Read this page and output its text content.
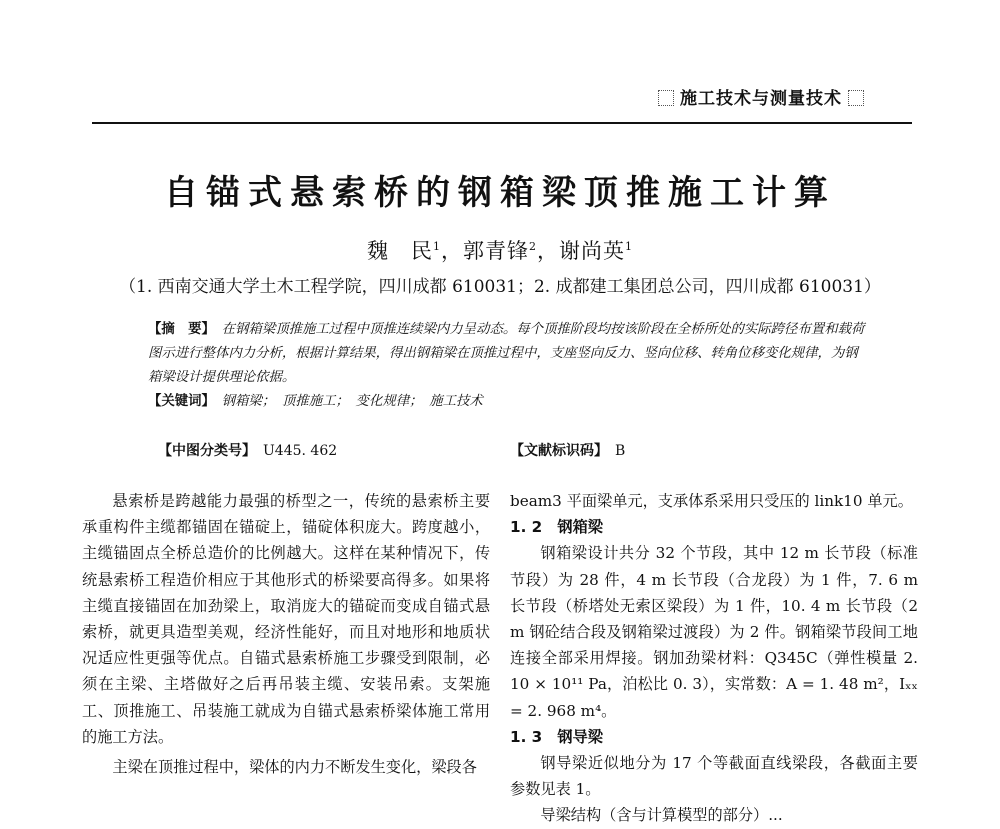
施工技术与测量技术
自锚式悬索桥的钢箱梁顶推施工计算
魏　民$^1$，郭青锋$^2$，谢尚英$^1$
（1. 西南交通大学土木工程学院，四川成都 610031；2. 成都建工集团总公司，四川成都 610031）
【摘　要】　 在钢箱梁顶推施工过程中顶推连续梁内力呈动态。每个顶推阶段均按该阶段在全桥所处的实际跨径布置和载荷图示进行整体内力分析，根据计算结果，得出钢箱梁在顶推过程中，支座竖向反力、竖向位移、转角位移变化规律，为钢箱梁设计提供理论依据。
【关键词】　 钢箱梁；　顶推施工；　变化规律；　施工技术
【中图分类号】　 U445. 462	【文献标识码】　 B

悬索桥是跨越能力最强的桥型之一，传统的悬索桥主要承重构件主缆都锚固在锚碇上，锚碇体积庞大。跨度越小，主缆锚固点全桥总造价的比例越大。这样在某种情况下，传统悬索桥工程造价相应于其他形式的桥梁要高得多。如果将主缆直接锚固在加劲梁上，取消庞大的锚碇而变成自锚式悬索桥，就更具造型美观，经济性能好，而且对地形和地质状况适应性更强等优点。自锚式悬索桥施工步骤受到限制，必须在主梁、主塔做好之后再吊装主缆、安装吊索。支架施工、顶推施工、吊装施工就成为自锚式悬索桥梁体施工常用的施工方法。

主梁在顶推过程中，梁体的内力不断发生变化，梁段各

beam3 平面梁单元，支承体系采用只受压的 link10 单元。

1. 2　钢箱梁

钢箱梁设计共分 32 个节段，其中 12 m 长节段（标准节段）为 28 件，4 m 长节段（合龙段）为 1 件，7. 6 m 长节段（桥塔处无索区梁段）为 1 件，10. 4 m 长节段（2 m 钢砼结合段及钢箱梁过渡段）为 2 件。钢箱梁节段间工地连接全部采用焊接。钢加劲梁材料：Q345C（弹性模量 2. 10 × 10¹¹ Pa，泊松比 0. 3），实常数：A = 1. 48 m²，Iₓₓ = 2. 968 m⁴。

1. 3　钢导梁

钢导梁近似地分为 17 个等截面直线梁段，各截面主要参数见表 1。

导梁结构（含与计算模型的部分）...
